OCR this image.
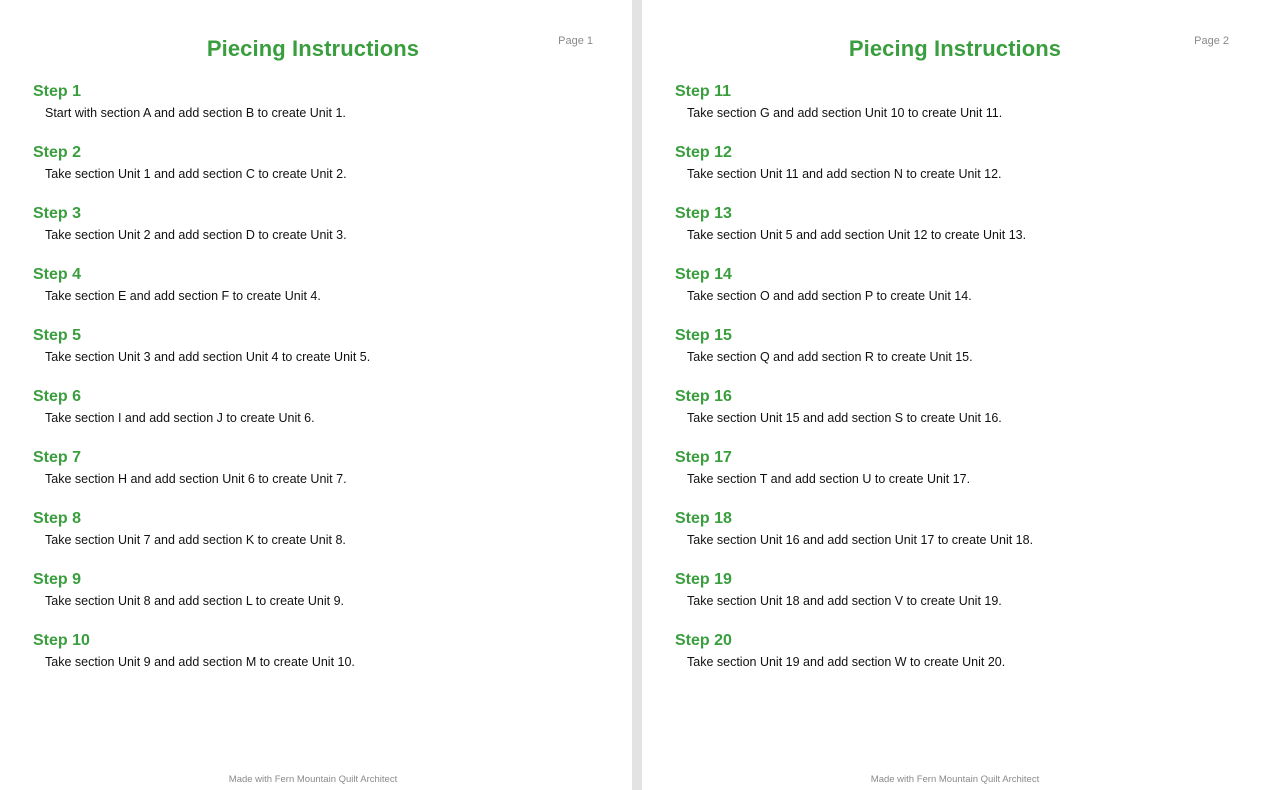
Piecing Instructions	Page 1
Step 1
Start with section A and add section B to create Unit 1.
Step 2
Take section Unit 1 and add section C to create Unit 2.
Step 3
Take section Unit 2 and add section D to create Unit 3.
Step 4
Take section E and add section F to create Unit 4.
Step 5
Take section Unit 3 and add section Unit 4 to create Unit 5.
Step 6
Take section I and add section J to create Unit 6.
Step 7
Take section H and add section Unit 6 to create Unit 7.
Step 8
Take section Unit 7 and add section K to create Unit 8.
Step 9
Take section Unit 8 and add section L to create Unit 9.
Step 10
Take section Unit 9 and add section M to create Unit 10.
Made with Fern Mountain Quilt Architect
Piecing Instructions	Page 2
Step 11
Take section G and add section Unit 10 to create Unit 11.
Step 12
Take section Unit 11 and add section N to create Unit 12.
Step 13
Take section Unit 5 and add section Unit 12 to create Unit 13.
Step 14
Take section O and add section P to create Unit 14.
Step 15
Take section Q and add section R to create Unit 15.
Step 16
Take section Unit 15 and add section S to create Unit 16.
Step 17
Take section T and add section U to create Unit 17.
Step 18
Take section Unit 16 and add section Unit 17 to create Unit 18.
Step 19
Take section Unit 18 and add section V to create Unit 19.
Step 20
Take section Unit 19 and add section W to create Unit 20.
Made with Fern Mountain Quilt Architect
